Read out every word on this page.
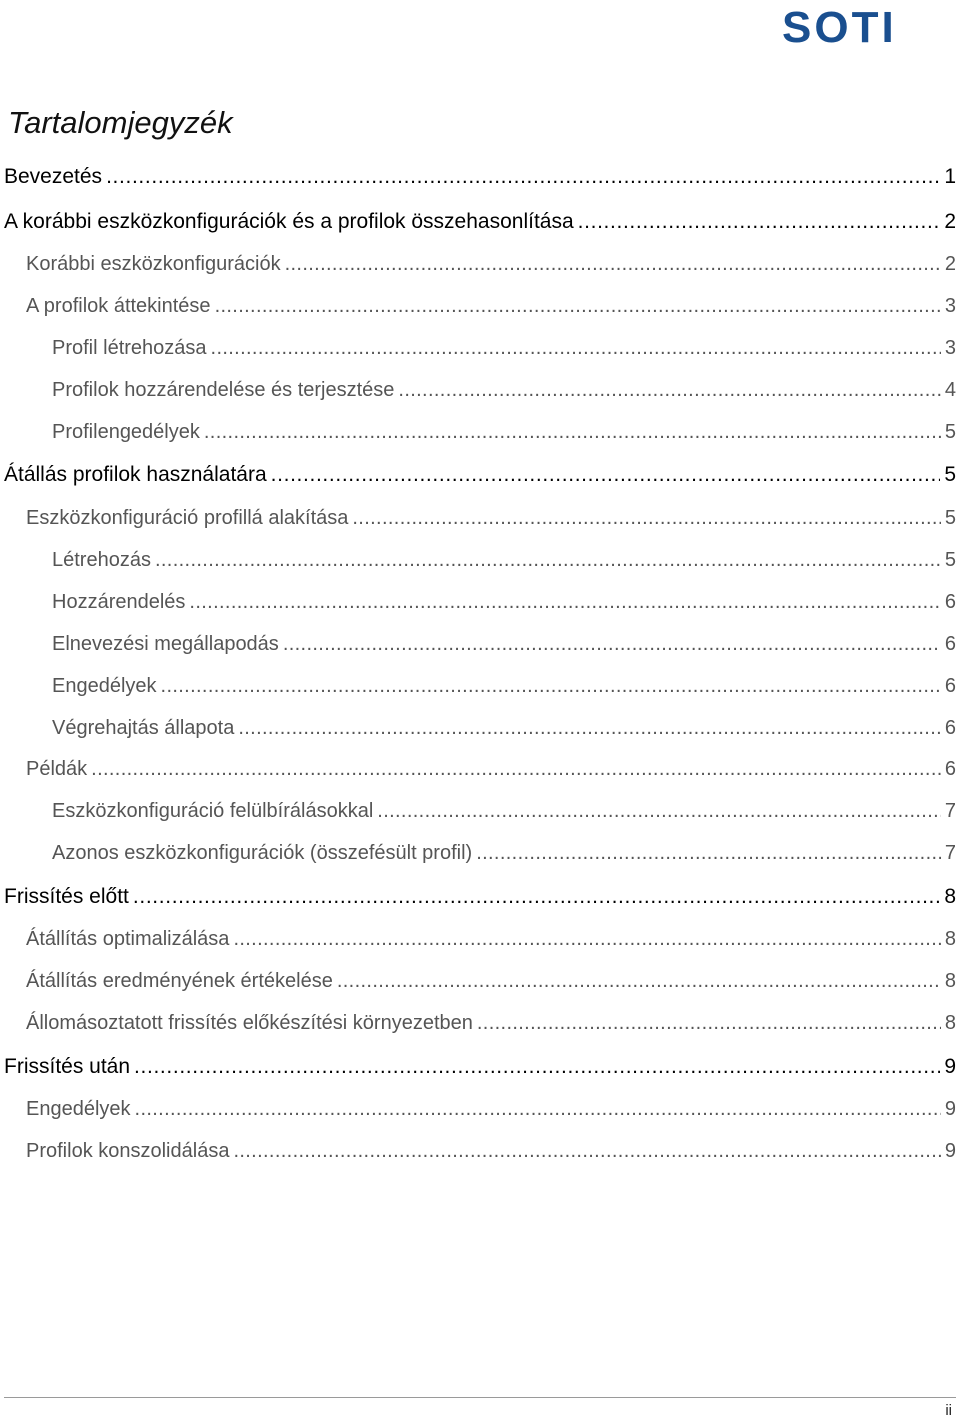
SOTI
Tartalomjegyzék
Bevezetés . . .	1
A korábbi eszközkonfigurációk és a profilok összehasonlítása . . .	2
Korábbi eszközkonfigurációk . . .	2
A profilok áttekintése . . .	3
Profil létrehozása . . .	3
Profilok hozzárendelése és terjesztése . . .	4
Profilengedélyek . . .	5
Átállás profilok használatára . . .	5
Eszközkonfiguráció profillá alakítása . . .	5
Létrehozás . . .	5
Hozzárendelés . . .	6
Elnevezési megállapodás . . .	6
Engedélyek . . .	6
Végrehajtás állapota . . .	6
Példák . . .	6
Eszközkonfiguráció felülbírálásokkal . . .	7
Azonos eszközkonfigurációk (összefésült profil) . . .	7
Frissítés előtt . . .	8
Átállítás optimalizálása . . .	8
Átállítás eredményének értékelése . . .	8
Állomásoztatott frissítés előkészítési környezetben . . .	8
Frissítés után . . .	9
Engedélyek . . .	9
Profilok konszolidálása . . .	9
ii
